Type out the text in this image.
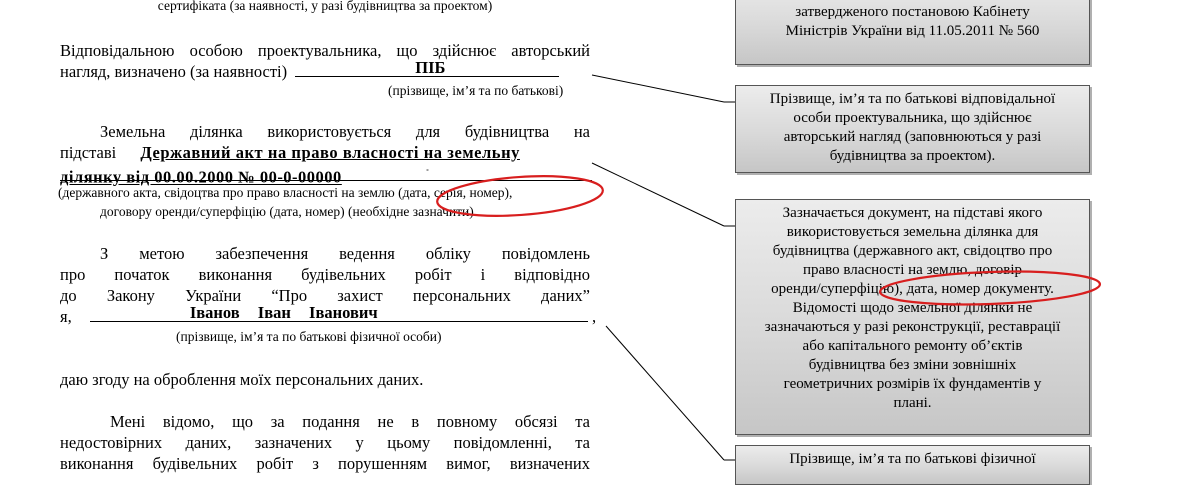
сертифіката (за наявності, у разі будівництва за проектом)
Відповідальною особою проектувальника, що здійснює авторський
нагляд, визначено (за наявності)	ПІБ
(прізвище, ім’я та по батькові)
Земельна ділянка використовується для будівництва на
підставі Державний акт на право власності на земельну
ділянку від 00.00.2000 № 00-0-00000	˚
(державного акта, свідоцтва про право власності на землю (дата, серія, номер),
договору оренди/суперфіцію (дата, номер) (необхідне зазначити)
З метою забезпечення ведення обліку повідомлень
про початок виконання будівельних робіт і відповідно
до Закону України “Про захист персональних даних”
я,	Іванов Іван Іванович	,
(прізвище, ім’я та по батькові фізичної особи)
даю згоду на оброблення моїх персональних даних.
Мені відомо, що за подання не в повному обсязі та
недостовірних даних, зазначених у цьому повідомленні, та
виконання будівельних робіт з порушенням вимог, визначених
затвердженого постановою Кабінету
Міністрів України від 11.05.2011 № 560
Прізвище, ім’я та по батькові відповідальної
особи проектувальника, що здійснює
авторський нагляд (заповнюються у разі
будівництва за проектом).
Зазначається документ, на підставі якого
використовується земельна ділянка для
будівництва (державного акт, свідоцтво про
право власності на землю, договір
оренди/суперфіцію), дата, номер документу.
Відомості щодо земельної ділянки не
зазначаються у разі реконструкції, реставрації
або капітального ремонту об’єктів
будівництва без зміни зовнішніх
геометричних розмірів їх фундаментів у
плані.
Прізвище, ім’я та по батькові фізичної
